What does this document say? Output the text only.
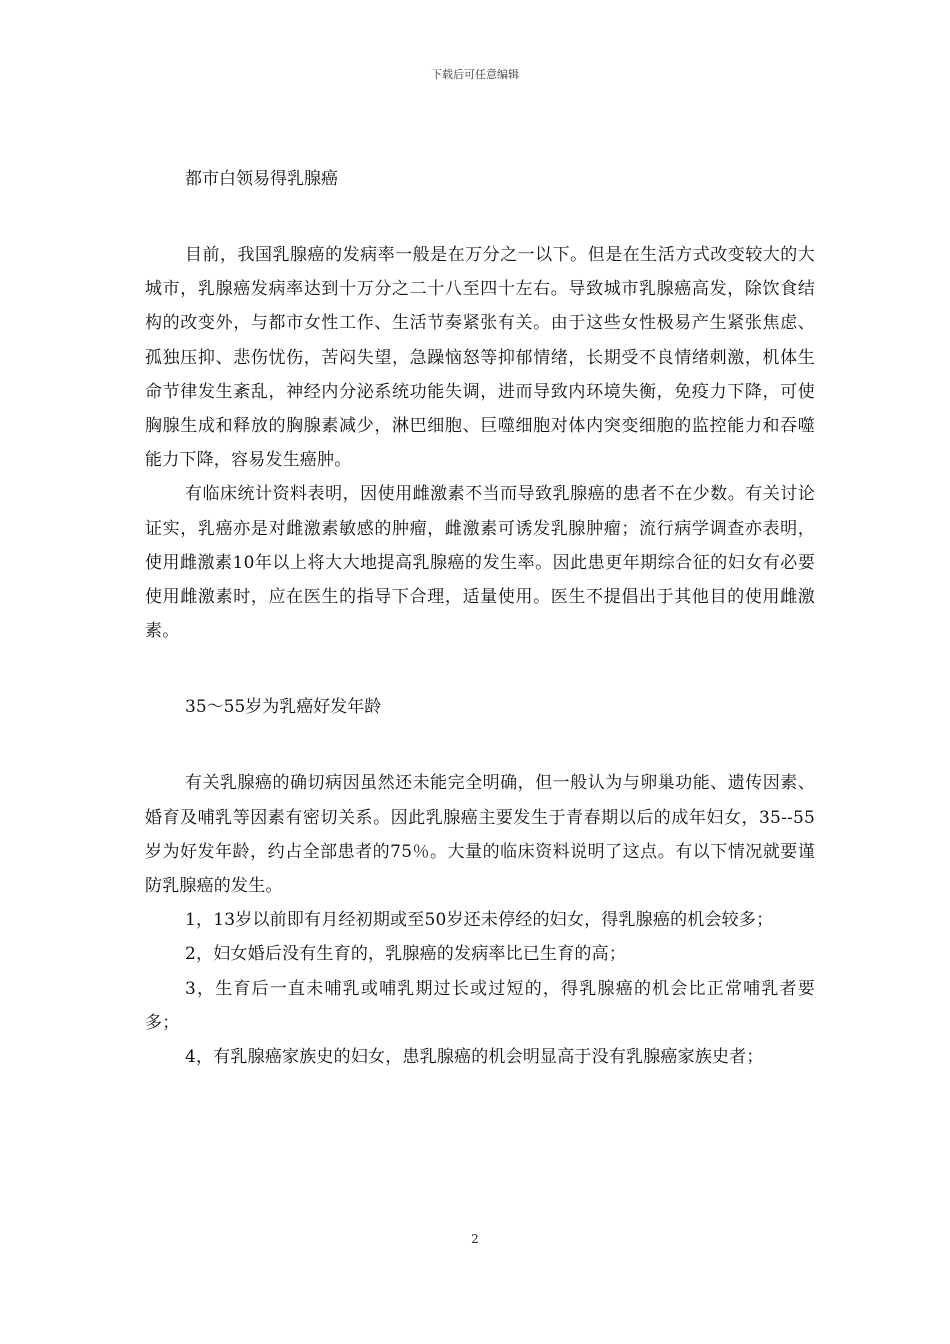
下载后可任意编辑
都市白领易得乳腺癌

目前，我国乳腺癌的发病率一般是在万分之一以下。但是在生活方式改变较大的大城市，乳腺癌发病率达到十万分之二十八至四十左右。导致城市乳腺癌高发，除饮食结构的改变外，与都市女性工作、生活节奏紧张有关。由于这些女性极易产生紧张焦虑、孤独压抑、悲伤忧伤，苦闷失望，急躁恼怒等抑郁情绪，长期受不良情绪刺激，机体生命节律发生紊乱，神经内分泌系统功能失调，进而导致内环境失衡，免疫力下降，可使胸腺生成和释放的胸腺素减少，淋巴细胞、巨噬细胞对体内突变细胞的监控能力和吞噬能力下降，容易发生癌肿。

有临床统计资料表明，因使用雌激素不当而导致乳腺癌的患者不在少数。有关讨论证实，乳癌亦是对雌激素敏感的肿瘤，雌激素可诱发乳腺肿瘤；流行病学调查亦表明，使用雌激素10年以上将大大地提高乳腺癌的发生率。因此患更年期综合征的妇女有必要使用雌激素时，应在医生的指导下合理，适量使用。医生不提倡出于其他目的使用雌激素。

35～55岁为乳癌好发年龄

有关乳腺癌的确切病因虽然还未能完全明确，但一般认为与卵巢功能、遗传因素、婚育及哺乳等因素有密切关系。因此乳腺癌主要发生于青春期以后的成年妇女，35--55岁为好发年龄，约占全部患者的75％。大量的临床资料说明了这点。有以下情况就要谨防乳腺癌的发生。

1，13岁以前即有月经初期或至50岁还未停经的妇女，得乳腺癌的机会较多；

2，妇女婚后没有生育的，乳腺癌的发病率比已生育的高；

3，生育后一直未哺乳或哺乳期过长或过短的，得乳腺癌的机会比正常哺乳者要多；

4，有乳腺癌家族史的妇女，患乳腺癌的机会明显高于没有乳腺癌家族史者；

2
